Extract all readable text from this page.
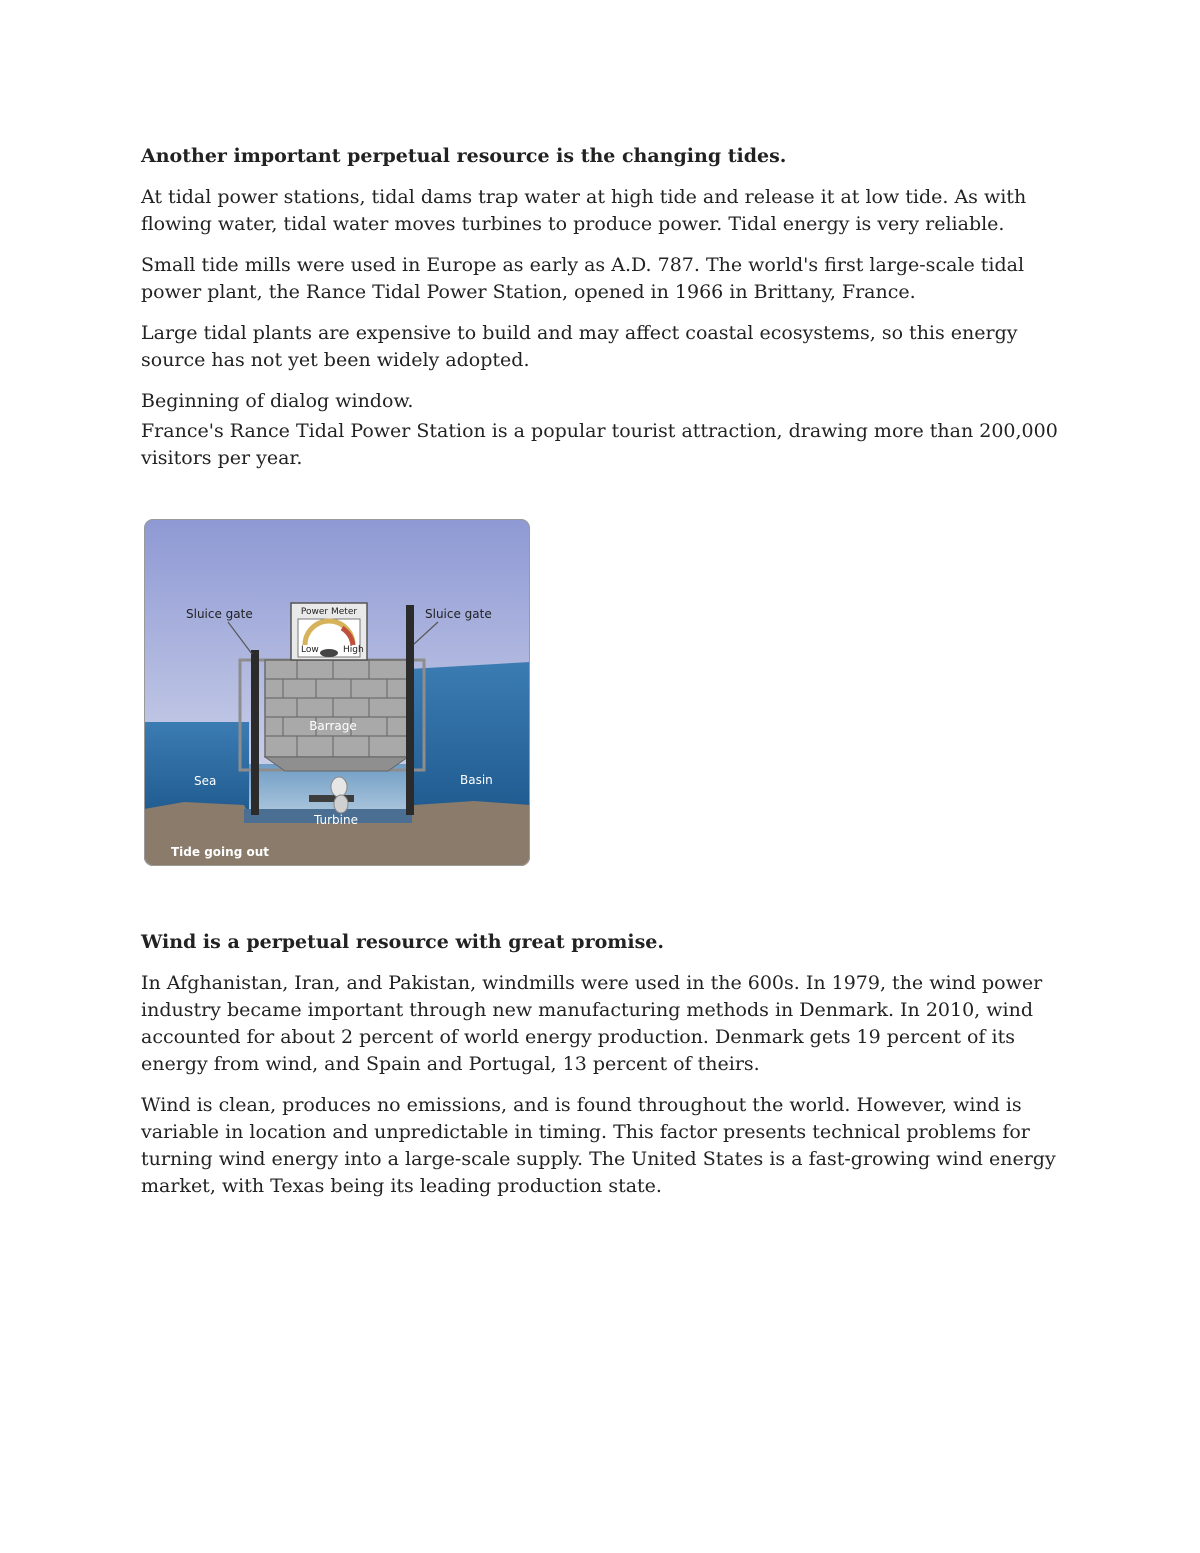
Another important perpetual resource is the changing tides.

At tidal power stations, tidal dams trap water at high tide and release it at low tide. As with flowing water, tidal water moves turbines to produce power. Tidal energy is very reliable.

Small tide mills were used in Europe as early as A.D. 787. The world's first large-scale tidal power plant, the Rance Tidal Power Station, opened in 1966 in Brittany, France.

Large tidal plants are expensive to build and may affect coastal ecosystems, so this energy source has not yet been widely adopted.

Beginning of dialog window.

France's Rance Tidal Power Station is a popular tourist attraction, drawing more than 200,000 visitors per year.

Sluice gate	Sluice gate
Power Meter
Low	High
Barrage
Sea	Basin
Turbine
Tide going out

Wind is a perpetual resource with great promise.

In Afghanistan, Iran, and Pakistan, windmills were used in the 600s. In 1979, the wind power industry became important through new manufacturing methods in Denmark. In 2010, wind accounted for about 2 percent of world energy production. Denmark gets 19 percent of its energy from wind, and Spain and Portugal, 13 percent of theirs.

Wind is clean, produces no emissions, and is found throughout the world. However, wind is variable in location and unpredictable in timing. This factor presents technical problems for turning wind energy into a large-scale supply. The United States is a fast-growing wind energy market, with Texas being its leading production state.
